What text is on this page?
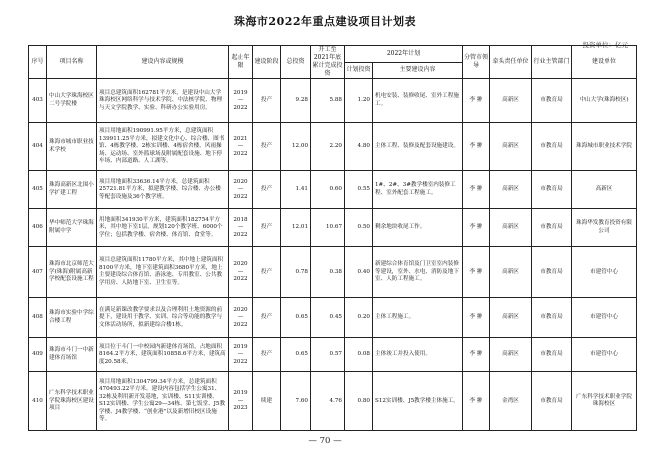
珠海市2022年重点建设项目计划表
投资单位：亿元
序号	项目名称	建设内容或规模	起止年限	建设阶段	总投资	开工至2021年底累计完成投资	2022年计划		分管市领导	牵头责任单位	行业主管部门	建设单位
							计划投资	主要建设内容				
403	中山大学珠海校区二号学院楼	项目总建筑面积162781平方米，是建设中山大学珠海校区网络科学与技术学院、中法核学院、物理与天文学院教学、实验、科研办公实验用房。	2019—2022	投产	9.28	5.88	1.20	机电安装、装修收尾、室外工程施工。	李 翀	高新区	市教育局	中山大学(珠海校区)
404	珠海市城市职业技术学校	项目用地面积190991.95平方米，总建筑面积139911.25平方米，拟建文化中心、综合楼、图书馆、4栋教学楼、2栋实训楼、4栋宿舍楼、风雨操场、运动场、室外篮球场及附属配套设施、地下停车场、内部道路、人工湖等。	2021—2022	投产	12.00	2.20	4.80	主体工程、装修及配套设施建设。	李 翀	高新区	市教育局	珠海城市职业技术学院
405	珠海高新区北围小学扩建工程	项目用地面积33636.14平方米，总建筑面积25721.81平方米，拟建教学楼、综合楼、办公楼等配套设施及36个教学班。	2020—2022	投产	1.41	0.60	0.55	1#、2#、3#教学楼室内装修工程、室外配套工程施工。	李 翀	高新区	市教育局	高新区
406	华中师范大学珠海附属中学	用地面积341930平方米，建筑面积182754平方米，其中地下室1层，规划120个教学班、6000个学位；包括教学楼、宿舍楼、体育馆、食堂等。	2018—2022	投产	12.01	10.67	0.50	剩余地块收尾工作。	李 翀	高新区	市教育局	珠海华发教育投资有限公司
407	珠海市北京师范大学(珠海)附属高新学校配套设施工程	项目总建筑面积11780平方米，其中地上建筑面积8100平方米，地下室建筑面积3680平方米，地上主要建设综合体育馆、游泳池、专用教室、公共教学用房、人防地下室、卫生室等。	2020—2022	投产	0.78	0.38	0.40	新建综合体育馆及门卫室室内装修等建设，室外、水电、消防及地下室、人防工程施工。	李 翀	高新区	市教育局	市建管中心
408	珠海市实验中学综合楼工程	在满足新课改教学要求以及合理利用土地资源的前提下，建设用于教学、实训、综合等功能的教学与文体活动场所，拟新建综合楼1栋。	2020—2022	投产	0.65	0.45	0.20	主体工程施工。	李 翀	高新区	市教育局	市建管中心
409	珠海市斗门一中新建体育场馆	项目位于斗门一中校园内新建体育场馆，占地面积8164.2平方米，建筑面积10858.6平方米，建筑高度20.58米。	2019—2022	投产	0.65	0.57	0.08	主体竣工并投入使用。	李 翀	高新区	市教育局	市建管中心
410	广东科学技术职业学院珠海校区建设项目	项目用地面积1304799.34平方米，总建筑面积470493.22平方米。建设内容包括学生公寓31、32栋及利用新开发基地，实训楼、S11实训楼、S12实训楼、学生公寓29—34栋、第七饭堂、J5教学楼、J4教学楼、“创业港”以及新增旧校区设施等。	2019—2023	续建	7.60	4.76	0.80	S12实训楼、J5教学楼主体施工。	李 翀	金湾区	市教育局	广东科学技术职业学院珠海校区
— 70 —
